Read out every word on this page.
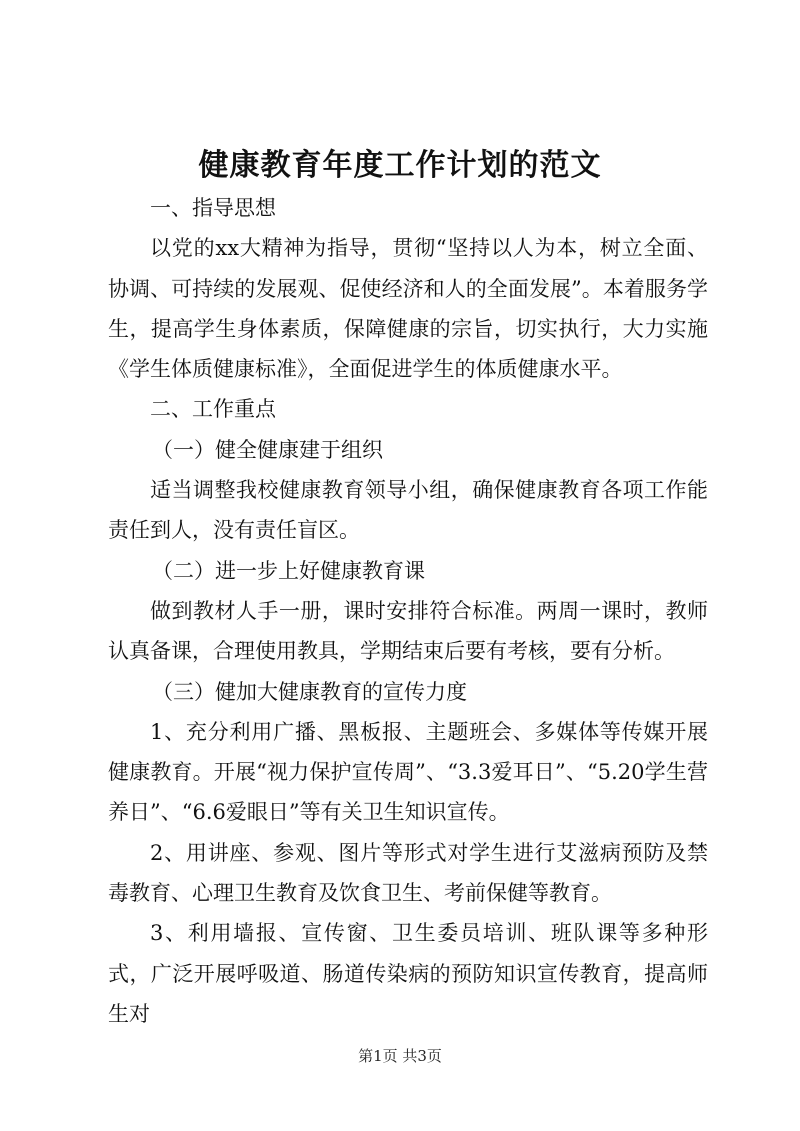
健康教育年度工作计划的范文

一、指导思想

以党的xx大精神为指导，贯彻“坚持以人为本，树立全面、协调、可持续的发展观、促使经济和人的全面发展”。本着服务学生，提高学生身体素质，保障健康的宗旨，切实执行，大力实施《学生体质健康标准》，全面促进学生的体质健康水平。

二、工作重点

（一）健全健康建于组织

适当调整我校健康教育领导小组，确保健康教育各项工作能责任到人，没有责任盲区。

（二）进一步上好健康教育课

做到教材人手一册，课时安排符合标准。两周一课时，教师认真备课，合理使用教具，学期结束后要有考核，要有分析。

（三）健加大健康教育的宣传力度

1、充分利用广播、黑板报、主题班会、多媒体等传媒开展健康教育。开展“视力保护宣传周”、“3.3爱耳日”、“5.20学生营养日”、“6.6爱眼日”等有关卫生知识宣传。

2、用讲座、参观、图片等形式对学生进行艾滋病预防及禁毒教育、心理卫生教育及饮食卫生、考前保健等教育。

3、利用墙报、宣传窗、卫生委员培训、班队课等多种形式，广泛开展呼吸道、肠道传染病的预防知识宣传教育，提高师生对

第1页 共3页
